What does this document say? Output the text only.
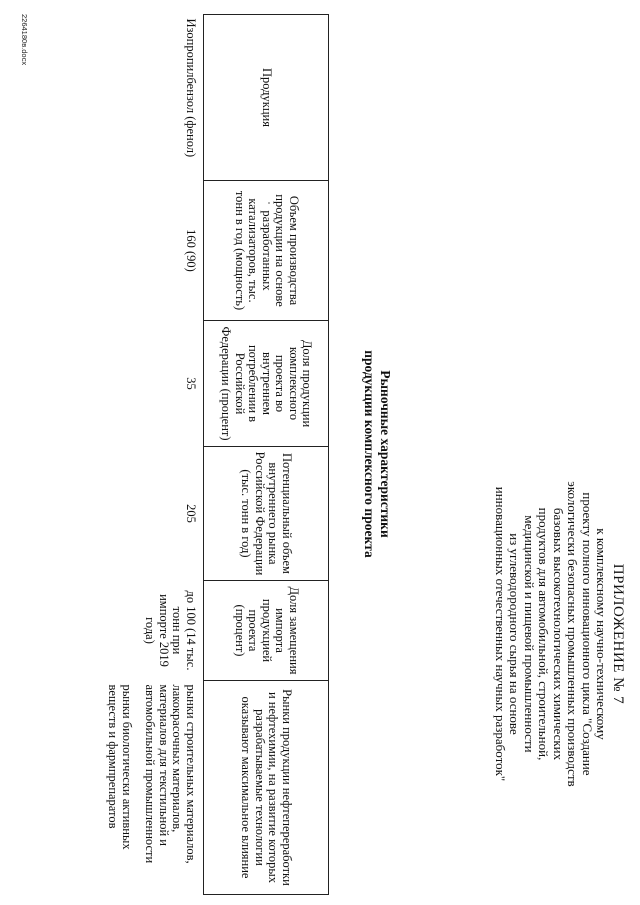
ПРИЛОЖЕНИЕ № 7
к комплексному научно-техническому
проекту полного инновационного цикла "Создание
экологически безопасных промышленных производств
базовых высокотехнологических химических
продуктов для автомобильной, строительной,
медицинской и пищевой промышленности
из углеводородного сырья на основе
инновационных отечественных научных разработок"
Рыночные характеристики
продукции комплексного проекта
Продукция	Объем производства продукции на основе разработанных катализаторов, тыс. тонн в год (мощность)	Доля продукции комплексного проекта во внутреннем потреблении в Российской Федерации (процент)	Потенциальный объем внутреннего рынка Российской Федерации (тыс. тонн в год)	Доля замещения импорта продукцией проекта (процент)	Рынки продукции нефтепереработки и нефтехимии, на развитие которых разрабатываемые технологии оказывают максимальное влияние
Изопропилбензол (фенол)	160 (90)	35	205	до 100 (14 тыс. тонн при импорте 2019 года)	рынки строительных материалов, лакокрасочных материалов, материалов для текстильной и автомобильной промышленности
рынки биологически активных веществ и фармпрепаратов
2264180в.docx
